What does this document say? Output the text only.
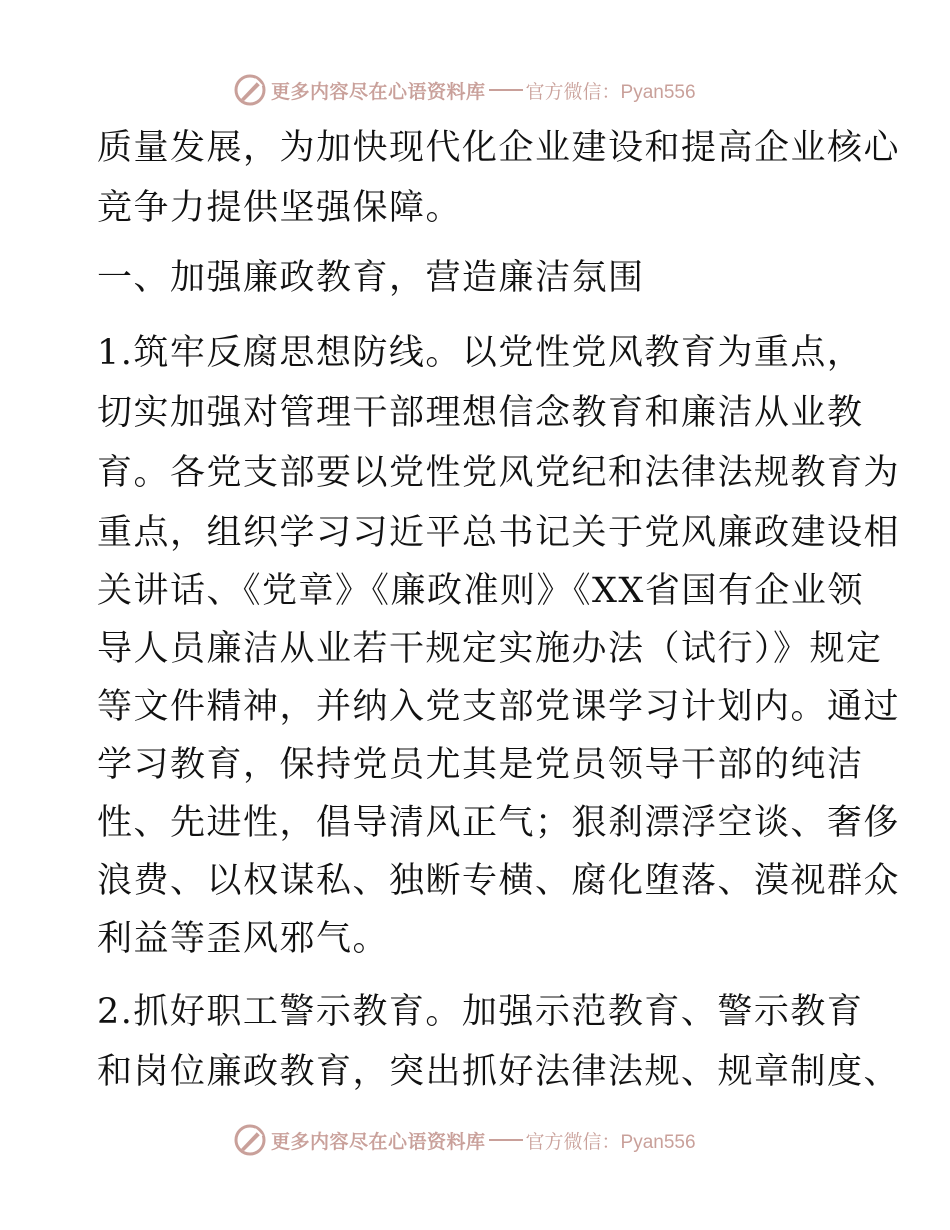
更多内容尽在心语资料库 官方微信：Pyan556

质量发展，为加快现代化企业建设和提高企业核心

竞争力提供坚强保障。

一、加强廉政教育，营造廉洁氛围

1.筑牢反腐思想防线。以党性党风教育为重点，

切实加强对管理干部理想信念教育和廉洁从业教

育。各党支部要以党性党风党纪和法律法规教育为

重点，组织学习习近平总书记关于党风廉政建设相

关讲话、《党章》《廉政准则》《XX省国有企业领

导人员廉洁从业若干规定实施办法（试行）》规定

等文件精神，并纳入党支部党课学习计划内。通过

学习教育，保持党员尤其是党员领导干部的纯洁

性、先进性，倡导清风正气；狠刹漂浮空谈、奢侈

浪费、以权谋私、独断专横、腐化堕落、漠视群众

利益等歪风邪气。

2.抓好职工警示教育。加强示范教育、警示教育

和岗位廉政教育，突出抓好法律法规、规章制度、

更多内容尽在心语资料库 官方微信：Pyan556
